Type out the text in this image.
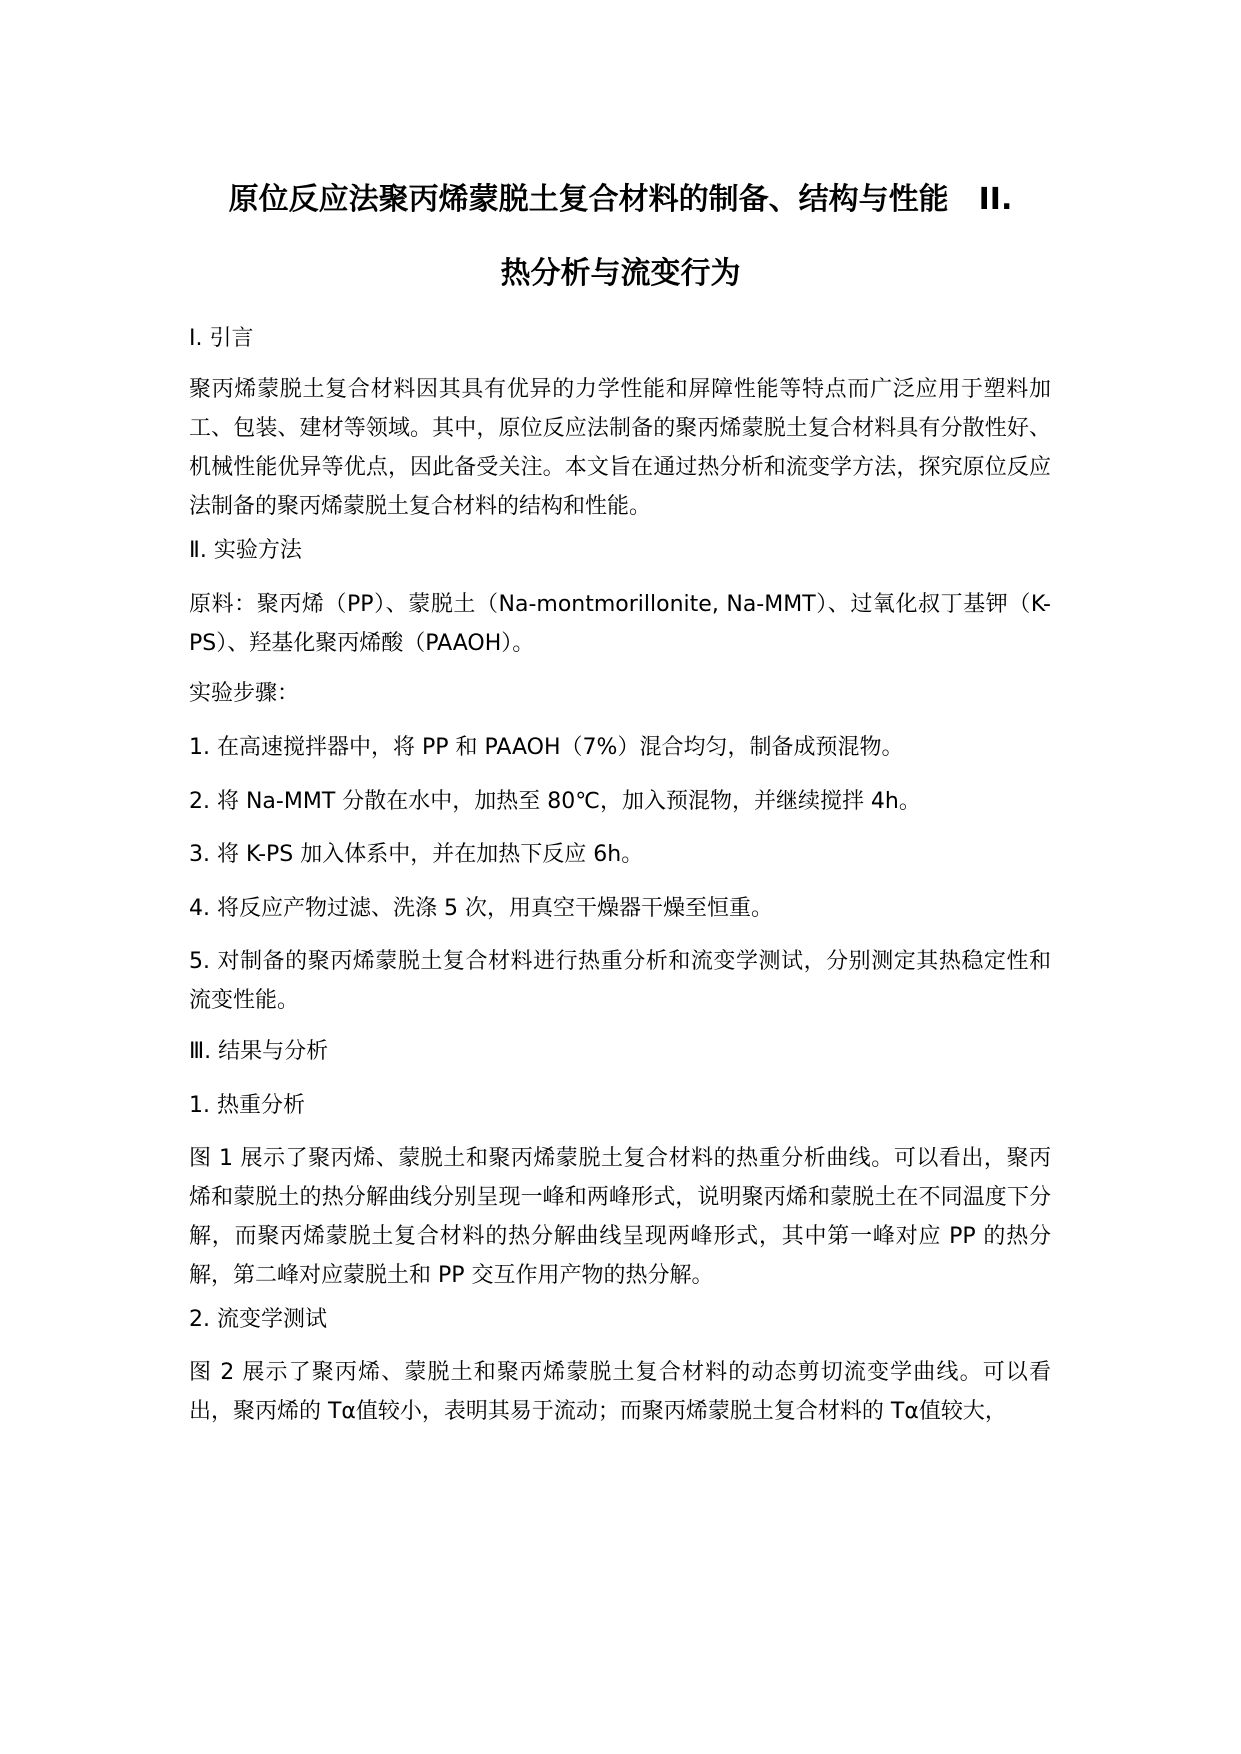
原位反应法聚丙烯蒙脱土复合材料的制备、结构与性能　II.
热分析与流变行为

Ⅰ. 引言

聚丙烯蒙脱土复合材料因其具有优异的力学性能和屏障性能等特点而广泛应用于塑料加工、包装、建材等领域。其中，原位反应法制备的聚丙烯蒙脱土复合材料具有分散性好、机械性能优异等优点，因此备受关注。本文旨在通过热分析和流变学方法，探究原位反应法制备的聚丙烯蒙脱土复合材料的结构和性能。

Ⅱ. 实验方法

原料：聚丙烯（PP）、蒙脱土（Na-montmorillonite, Na-MMT）、过氧化叔丁基钾（K-PS）、羟基化聚丙烯酸（PAAOH）。

实验步骤：

1. 在高速搅拌器中，将 PP 和 PAAOH（7%）混合均匀，制备成预混物。

2. 将 Na-MMT 分散在水中，加热至 80℃，加入预混物，并继续搅拌 4h。

3. 将 K-PS 加入体系中，并在加热下反应 6h。

4. 将反应产物过滤、洗涤 5 次，用真空干燥器干燥至恒重。

5. 对制备的聚丙烯蒙脱土复合材料进行热重分析和流变学测试，分别测定其热稳定性和流变性能。

Ⅲ. 结果与分析

1. 热重分析

图 1 展示了聚丙烯、蒙脱土和聚丙烯蒙脱土复合材料的热重分析曲线。可以看出，聚丙烯和蒙脱土的热分解曲线分别呈现一峰和两峰形式，说明聚丙烯和蒙脱土在不同温度下分解，而聚丙烯蒙脱土复合材料的热分解曲线呈现两峰形式，其中第一峰对应 PP 的热分解，第二峰对应蒙脱土和 PP 交互作用产物的热分解。

2. 流变学测试

图 2 展示了聚丙烯、蒙脱土和聚丙烯蒙脱土复合材料的动态剪切流变学曲线。可以看出，聚丙烯的 Tα值较小，表明其易于流动；而聚丙烯蒙脱土复合材料的 Tα值较大，
